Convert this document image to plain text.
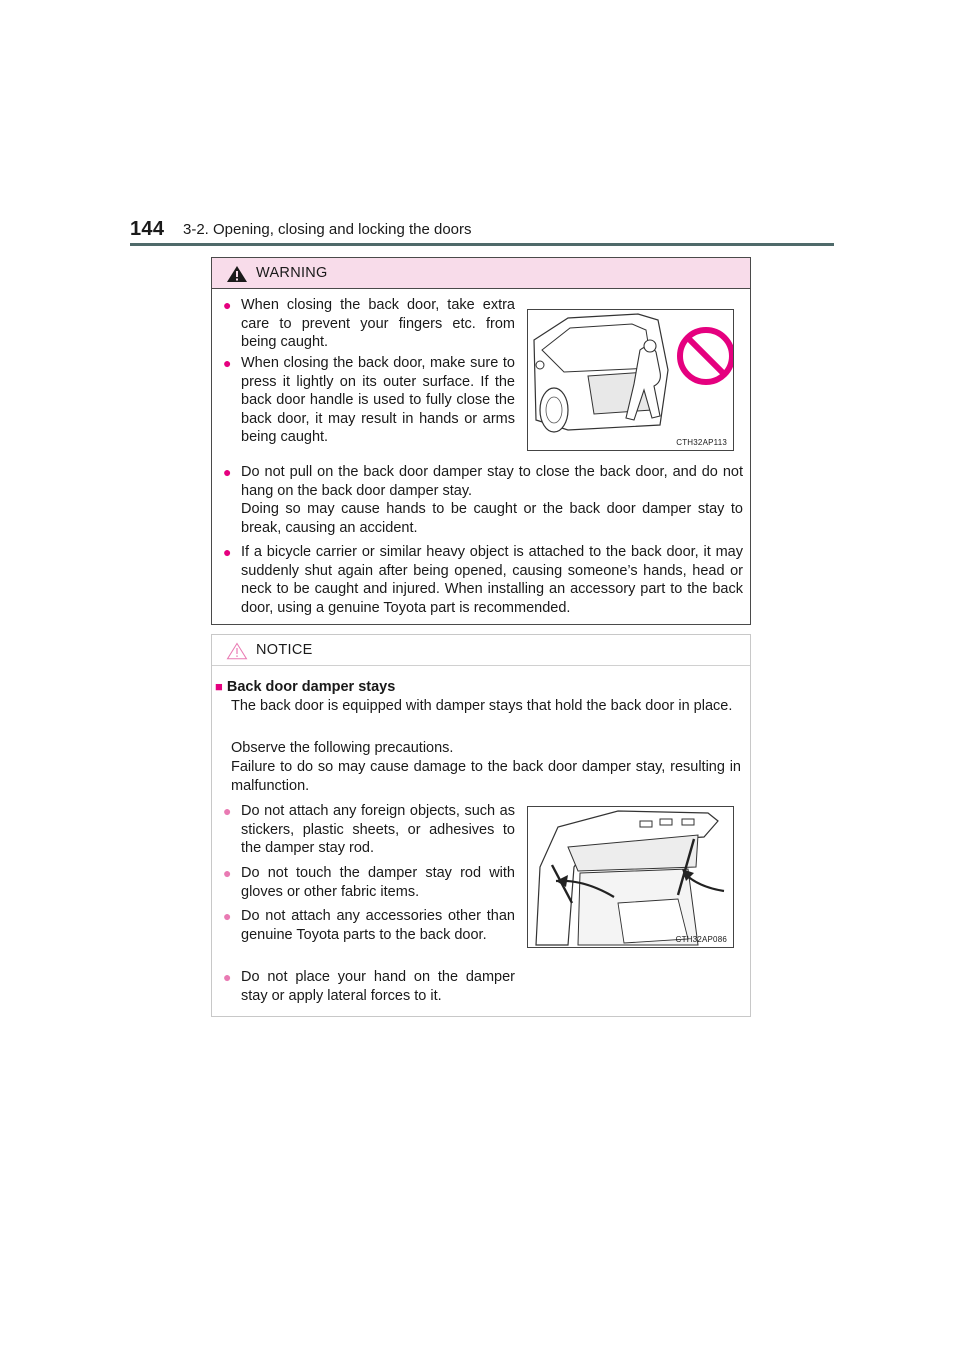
144 3-2. Opening, closing and locking the doors
WARNING
● When closing the back door, take extra care to prevent your fingers etc. from being caught.
● When closing the back door, make sure to press it lightly on its outer surface. If the back door handle is used to fully close the back door, it may result in hands or arms being caught.	CTH32AP113
● Do not pull on the back door damper stay to close the back door, and do not hang on the back door damper stay.
Doing so may cause hands to be caught or the back door damper stay to break, causing an accident.
● If a bicycle carrier or similar heavy object is attached to the back door, it may suddenly shut again after being opened, causing someone’s hands, head or neck to be caught and injured. When installing an accessory part to the back door, using a genuine Toyota part is recommended.
NOTICE
■ Back door damper stays
The back door is equipped with damper stays that hold the back door in place.
Observe the following precautions.
Failure to do so may cause damage to the back door damper stay, resulting in malfunction.
● Do not attach any foreign objects, such as stickers, plastic sheets, or adhesives to the damper stay rod.
● Do not touch the damper stay rod with gloves or other fabric items.
● Do not attach any accessories other than genuine Toyota parts to the back door.
● Do not place your hand on the damper stay or apply lateral forces to it.
CTH32AP086
